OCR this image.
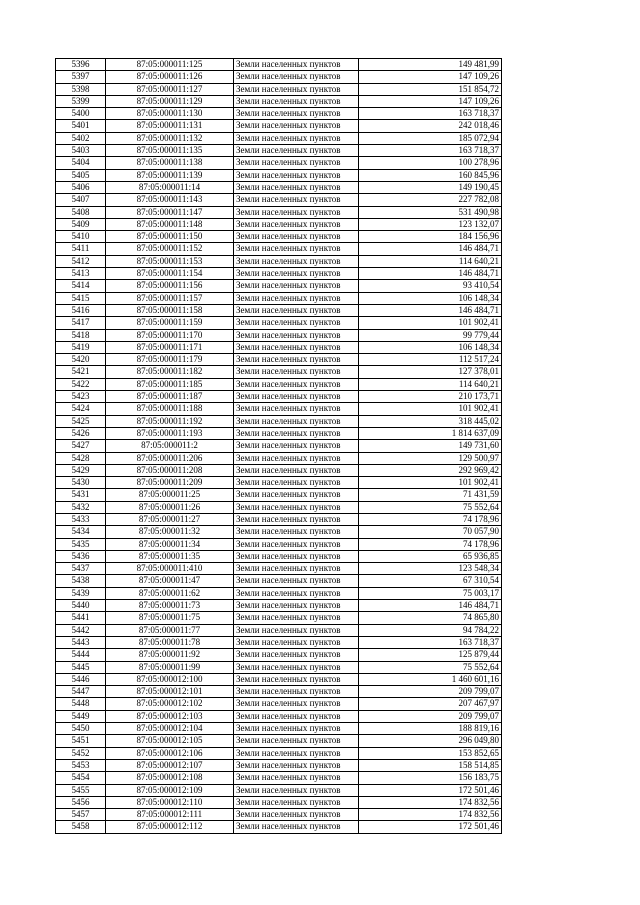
5396	87:05:000011:125	Земли населенных пунктов	149 481,99
5397	87:05:000011:126	Земли населенных пунктов	147 109,26
5398	87:05:000011:127	Земли населенных пунктов	151 854,72
5399	87:05:000011:129	Земли населенных пунктов	147 109,26
5400	87:05:000011:130	Земли населенных пунктов	163 718,37
5401	87:05:000011:131	Земли населенных пунктов	242 018,46
5402	87:05:000011:132	Земли населенных пунктов	185 072,94
5403	87:05:000011:135	Земли населенных пунктов	163 718,37
5404	87:05:000011:138	Земли населенных пунктов	100 278,96
5405	87:05:000011:139	Земли населенных пунктов	160 845,96
5406	87:05:000011:14	Земли населенных пунктов	149 190,45
5407	87:05:000011:143	Земли населенных пунктов	227 782,08
5408	87:05:000011:147	Земли населенных пунктов	531 490,98
5409	87:05:000011:148	Земли населенных пунктов	123 132,07
5410	87:05:000011:150	Земли населенных пунктов	184 156,96
5411	87:05:000011:152	Земли населенных пунктов	146 484,71
5412	87:05:000011:153	Земли населенных пунктов	114 640,21
5413	87:05:000011:154	Земли населенных пунктов	146 484,71
5414	87:05:000011:156	Земли населенных пунктов	93 410,54
5415	87:05:000011:157	Земли населенных пунктов	106 148,34
5416	87:05:000011:158	Земли населенных пунктов	146 484,71
5417	87:05:000011:159	Земли населенных пунктов	101 902,41
5418	87:05:000011:170	Земли населенных пунктов	99 779,44
5419	87:05:000011:171	Земли населенных пунктов	106 148,34
5420	87:05:000011:179	Земли населенных пунктов	112 517,24
5421	87:05:000011:182	Земли населенных пунктов	127 378,01
5422	87:05:000011:185	Земли населенных пунктов	114 640,21
5423	87:05:000011:187	Земли населенных пунктов	210 173,71
5424	87:05:000011:188	Земли населенных пунктов	101 902,41
5425	87:05:000011:192	Земли населенных пунктов	318 445,02
5426	87:05:000011:193	Земли населенных пунктов	1 814 637,09
5427	87:05:000011:2	Земли населенных пунктов	149 731,60
5428	87:05:000011:206	Земли населенных пунктов	129 500,97
5429	87:05:000011:208	Земли населенных пунктов	292 969,42
5430	87:05:000011:209	Земли населенных пунктов	101 902,41
5431	87:05:000011:25	Земли населенных пунктов	71 431,59
5432	87:05:000011:26	Земли населенных пунктов	75 552,64
5433	87:05:000011:27	Земли населенных пунктов	74 178,96
5434	87:05:000011:32	Земли населенных пунктов	70 057,90
5435	87:05:000011:34	Земли населенных пунктов	74 178,96
5436	87:05:000011:35	Земли населенных пунктов	65 936,85
5437	87:05:000011:410	Земли населенных пунктов	123 548,34
5438	87:05:000011:47	Земли населенных пунктов	67 310,54
5439	87:05:000011:62	Земли населенных пунктов	75 003,17
5440	87:05:000011:73	Земли населенных пунктов	146 484,71
5441	87:05:000011:75	Земли населенных пунктов	74 865,80
5442	87:05:000011:77	Земли населенных пунктов	94 784,22
5443	87:05:000011:78	Земли населенных пунктов	163 718,37
5444	87:05:000011:92	Земли населенных пунктов	125 879,44
5445	87:05:000011:99	Земли населенных пунктов	75 552,64
5446	87:05:000012:100	Земли населенных пунктов	1 460 601,16
5447	87:05:000012:101	Земли населенных пунктов	209 799,07
5448	87:05:000012:102	Земли населенных пунктов	207 467,97
5449	87:05:000012:103	Земли населенных пунктов	209 799,07
5450	87:05:000012:104	Земли населенных пунктов	188 819,16
5451	87:05:000012:105	Земли населенных пунктов	296 049,80
5452	87:05:000012:106	Земли населенных пунктов	153 852,65
5453	87:05:000012:107	Земли населенных пунктов	158 514,85
5454	87:05:000012:108	Земли населенных пунктов	156 183,75
5455	87:05:000012:109	Земли населенных пунктов	172 501,46
5456	87:05:000012:110	Земли населенных пунктов	174 832,56
5457	87:05:000012:111	Земли населенных пунктов	174 832,56
5458	87:05:000012:112	Земли населенных пунктов	172 501,46
